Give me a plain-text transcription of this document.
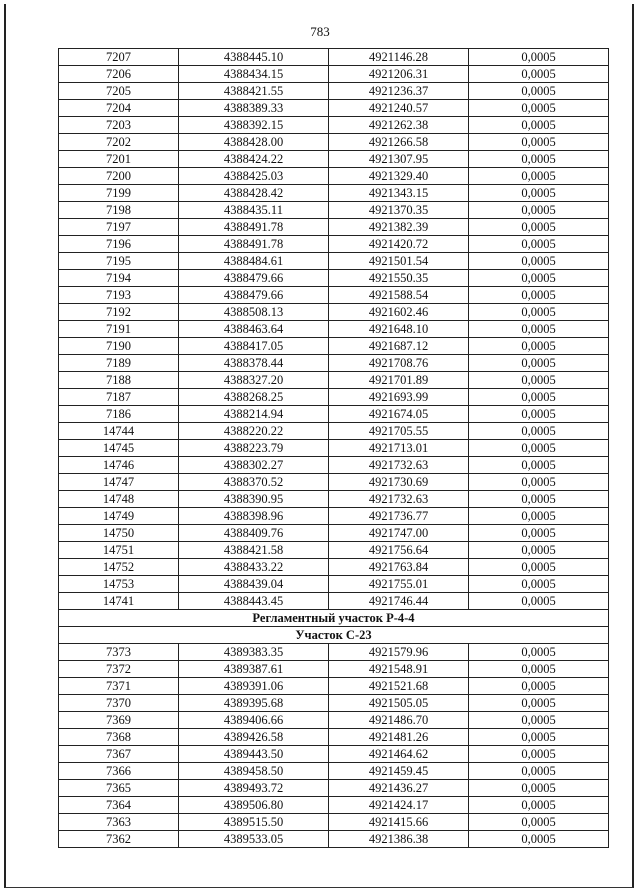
783
7207	4388445.10	4921146.28	0,0005
7206	4388434.15	4921206.31	0,0005
7205	4388421.55	4921236.37	0,0005
7204	4388389.33	4921240.57	0,0005
7203	4388392.15	4921262.38	0,0005
7202	4388428.00	4921266.58	0,0005
7201	4388424.22	4921307.95	0,0005
7200	4388425.03	4921329.40	0,0005
7199	4388428.42	4921343.15	0,0005
7198	4388435.11	4921370.35	0,0005
7197	4388491.78	4921382.39	0,0005
7196	4388491.78	4921420.72	0,0005
7195	4388484.61	4921501.54	0,0005
7194	4388479.66	4921550.35	0,0005
7193	4388479.66	4921588.54	0,0005
7192	4388508.13	4921602.46	0,0005
7191	4388463.64	4921648.10	0,0005
7190	4388417.05	4921687.12	0,0005
7189	4388378.44	4921708.76	0,0005
7188	4388327.20	4921701.89	0,0005
7187	4388268.25	4921693.99	0,0005
7186	4388214.94	4921674.05	0,0005
14744	4388220.22	4921705.55	0,0005
14745	4388223.79	4921713.01	0,0005
14746	4388302.27	4921732.63	0,0005
14747	4388370.52	4921730.69	0,0005
14748	4388390.95	4921732.63	0,0005
14749	4388398.96	4921736.77	0,0005
14750	4388409.76	4921747.00	0,0005
14751	4388421.58	4921756.64	0,0005
14752	4388433.22	4921763.84	0,0005
14753	4388439.04	4921755.01	0,0005
14741	4388443.45	4921746.44	0,0005
Регламентный участок Р-4-4			
Участок С-23			
7373	4389383.35	4921579.96	0,0005
7372	4389387.61	4921548.91	0,0005
7371	4389391.06	4921521.68	0,0005
7370	4389395.68	4921505.05	0,0005
7369	4389406.66	4921486.70	0,0005
7368	4389426.58	4921481.26	0,0005
7367	4389443.50	4921464.62	0,0005
7366	4389458.50	4921459.45	0,0005
7365	4389493.72	4921436.27	0,0005
7364	4389506.80	4921424.17	0,0005
7363	4389515.50	4921415.66	0,0005
7362	4389533.05	4921386.38	0,0005
